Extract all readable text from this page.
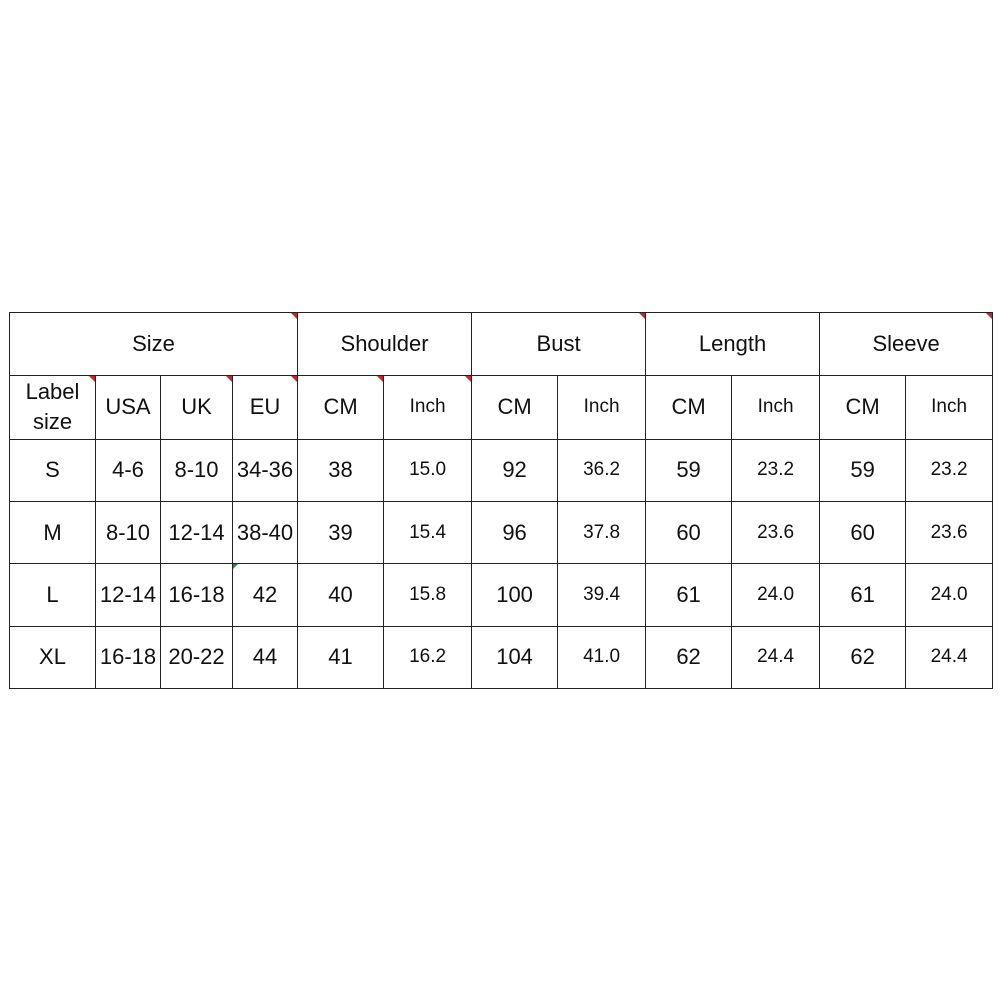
Size				Shoulder		Bust		Length		Sleeve	
Label size	USA	UK	EU	CM	Inch	CM	Inch	CM	Inch	CM	Inch
S	4-6	8-10	34-36	38	15.0	92	36.2	59	23.2	59	23.2
M	8-10	12-14	38-40	39	15.4	96	37.8	60	23.6	60	23.6
L	12-14	16-18	42	40	15.8	100	39.4	61	24.0	61	24.0
XL	16-18	20-22	44	41	16.2	104	41.0	62	24.4	62	24.4
